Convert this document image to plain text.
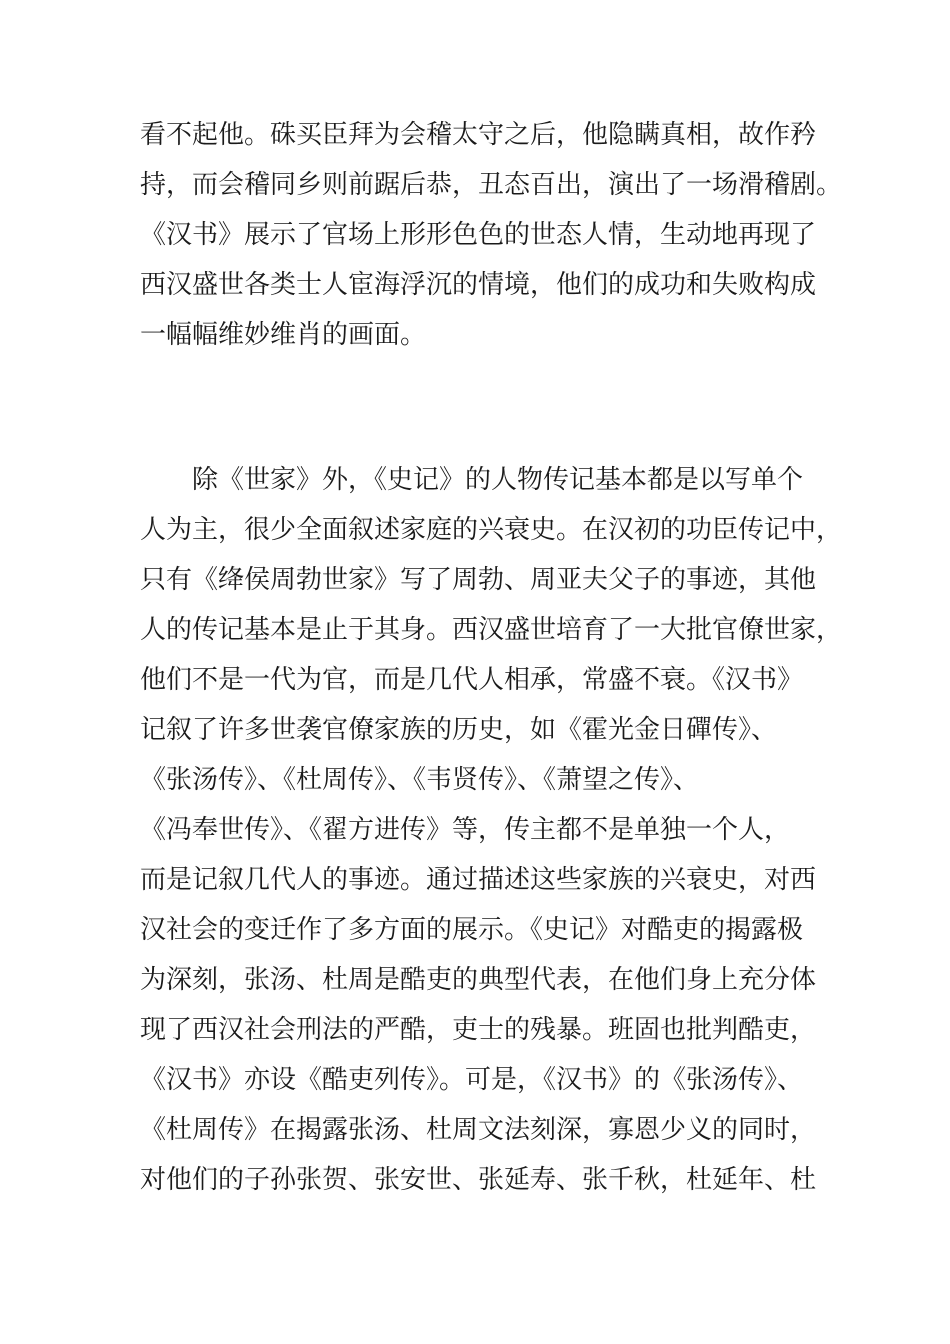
看不起他。硃买臣拜为会稽太守之后，他隐瞒真相，故作矜
持，而会稽同乡则前踞后恭，丑态百出，演出了一场滑稽剧。
《汉书》展示了官场上形形色色的世态人情，生动地再现了
西汉盛世各类士人宦海浮沉的情境，他们的成功和失败构成
一幅幅维妙维肖的画面。
除《世家》外，《史记》的人物传记基本都是以写单个
人为主，很少全面叙述家庭的兴衰史。在汉初的功臣传记中，
只有《绛侯周勃世家》写了周勃、周亚夫父子的事迹，其他
人的传记基本是止于其身。西汉盛世培育了一大批官僚世家，
他们不是一代为官，而是几代人相承，常盛不衰。《汉书》
记叙了许多世袭官僚家族的历史，如《霍光金日磾传》、
《张汤传》、《杜周传》、《韦贤传》、《萧望之传》、
《冯奉世传》、《翟方进传》等，传主都不是单独一个人，
而是记叙几代人的事迹。通过描述这些家族的兴衰史，对西
汉社会的变迁作了多方面的展示。《史记》对酷吏的揭露极
为深刻，张汤、杜周是酷吏的典型代表，在他们身上充分体
现了西汉社会刑法的严酷，吏士的残暴。班固也批判酷吏，
《汉书》亦设《酷吏列传》。可是，《汉书》的《张汤传》、
《杜周传》在揭露张汤、杜周文法刻深，寡恩少义的同时，
对他们的子孙张贺、张安世、张延寿、张千秋，杜延年、杜
